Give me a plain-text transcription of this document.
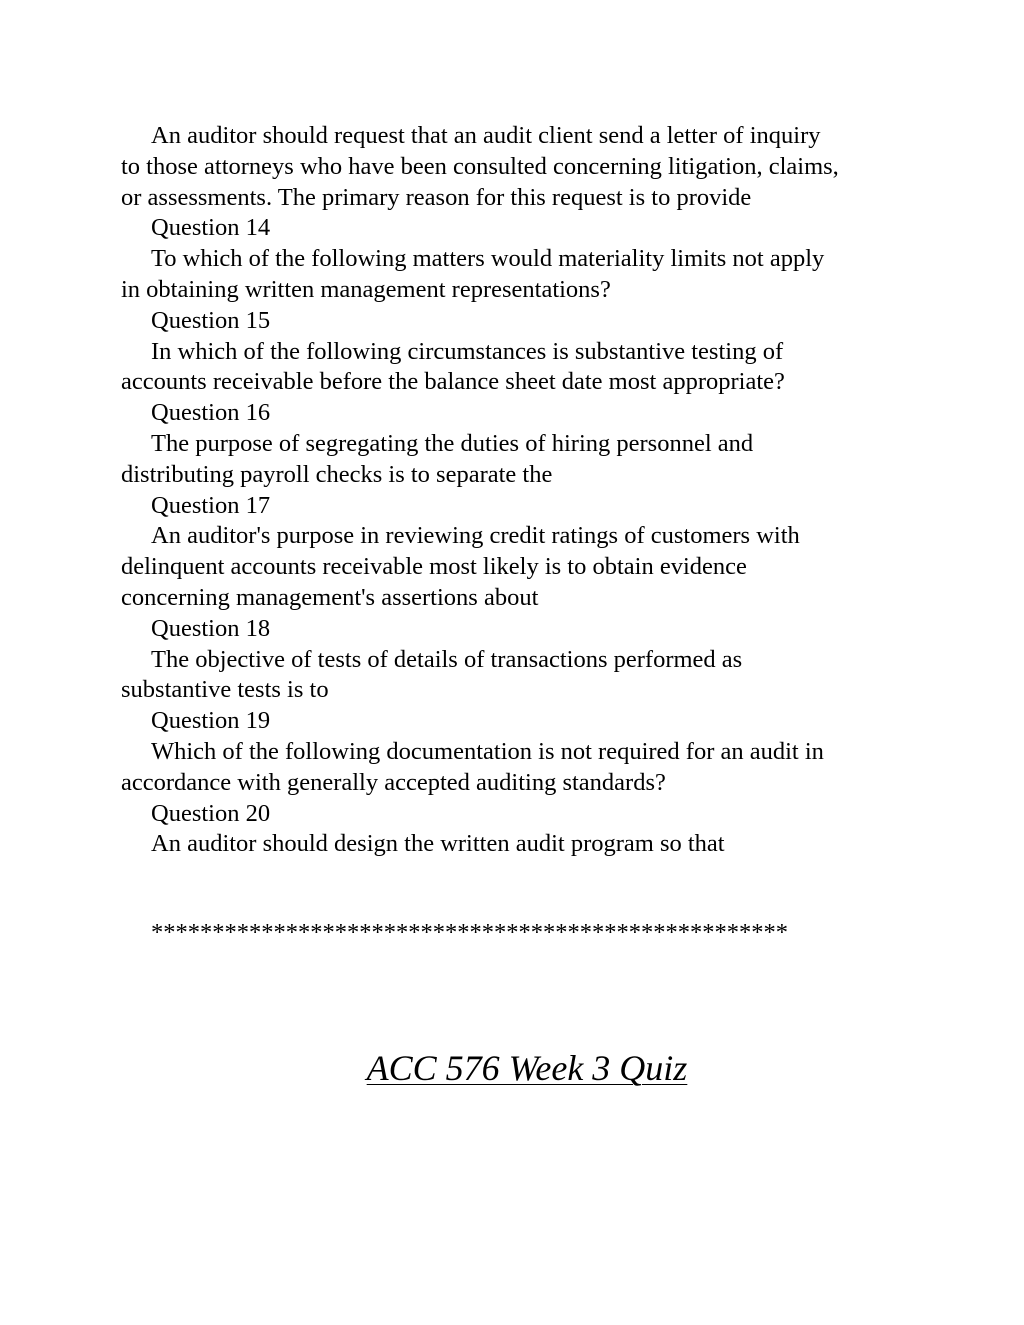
An auditor should request that an audit client send a letter of inquiry
to those attorneys who have been consulted concerning litigation, claims,
or assessments. The primary reason for this request is to provide

Question 14

To which of the following matters would materiality limits not apply
in obtaining written management representations?

Question 15

In which of the following circumstances is substantive testing of
accounts receivable before the balance sheet date most appropriate?

Question 16

The purpose of segregating the duties of hiring personnel and
distributing payroll checks is to separate the

Question 17

An auditor's purpose in reviewing credit ratings of customers with
delinquent accounts receivable most likely is to obtain evidence
concerning management's assertions about

Question 18

The objective of tests of details of transactions performed as
substantive tests is to

Question 19

Which of the following documentation is not required for an audit in
accordance with generally accepted auditing standards?

Question 20

An auditor should design the written audit program so that

****************************************************

ACC 576 Week 3 Quiz
